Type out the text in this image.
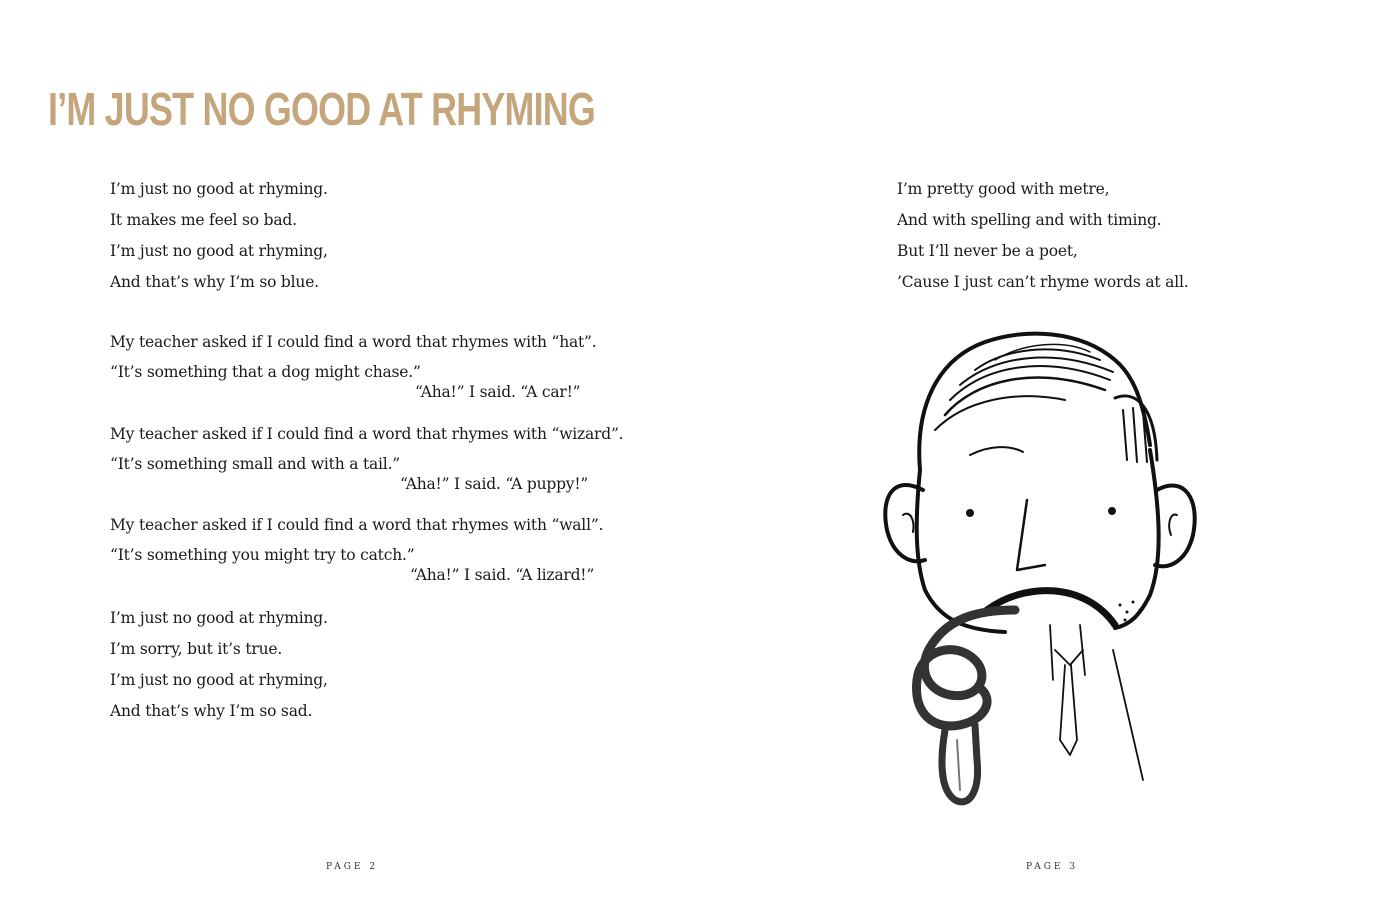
I’M JUST NO GOOD AT RHYMING
I’m just no good at rhyming.
It makes me feel so bad.
I’m just no good at rhyming,
And that’s why I’m so blue.
My teacher asked if I could find a word that rhymes with “hat”.
“It’s something that a dog might chase.”
“Aha!” I said. “A car!”
My teacher asked if I could find a word that rhymes with “wizard”.
“It’s something small and with a tail.”
“Aha!” I said. “A puppy!”
My teacher asked if I could find a word that rhymes with “wall”.
“It’s something you might try to catch.”
“Aha!” I said. “A lizard!”
I’m just no good at rhyming.
I’m sorry, but it’s true.
I’m just no good at rhyming,
And that’s why I’m so sad.
PAGE 2
I’m pretty good with metre,
And with spelling and with timing.
But I’ll never be a poet,
’Cause I just can’t rhyme words at all.
PAGE 3
